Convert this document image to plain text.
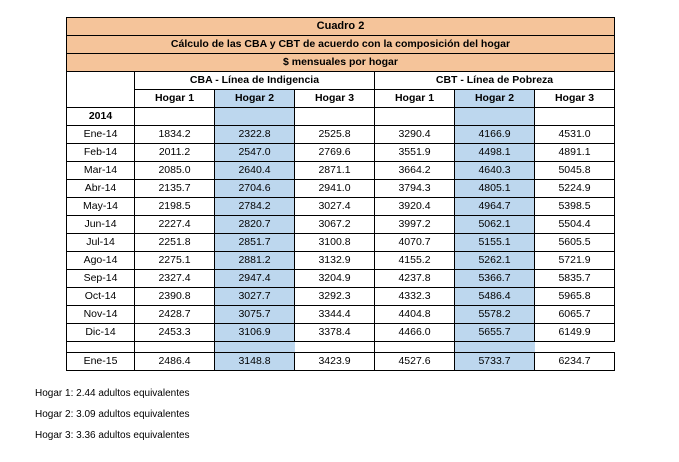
Cuadro 2						
Cálculo de las CBA y CBT de acuerdo con la composición del hogar						
$ mensuales por hogar						
	CBA - Línea de Indigencia			CBT - Línea de Pobreza		
	Hogar 1	Hogar 2	Hogar 3	Hogar 1	Hogar 2	Hogar 3
2014						
Ene-14	1834.2	2322.8	2525.8	3290.4	4166.9	4531.0
Feb-14	2011.2	2547.0	2769.6	3551.9	4498.1	4891.1
Mar-14	2085.0	2640.4	2871.1	3664.2	4640.3	5045.8
Abr-14	2135.7	2704.6	2941.0	3794.3	4805.1	5224.9
May-14	2198.5	2784.2	3027.4	3920.4	4964.7	5398.5
Jun-14	2227.4	2820.7	3067.2	3997.2	5062.1	5504.4
Jul-14	2251.8	2851.7	3100.8	4070.7	5155.1	5605.5
Ago-14	2275.1	2881.2	3132.9	4155.2	5262.1	5721.9
Sep-14	2327.4	2947.4	3204.9	4237.8	5366.7	5835.7
Oct-14	2390.8	3027.7	3292.3	4332.3	5486.4	5965.8
Nov-14	2428.7	3075.7	3344.4	4404.8	5578.2	6065.7
Dic-14	2453.3	3106.9	3378.4	4466.0	5655.7	6149.9

Ene-15	2486.4	3148.8	3423.9	4527.6	5733.7	6234.7
Hogar 1: 2.44 adultos equivalentes
Hogar 2: 3.09 adultos equivalentes
Hogar 3: 3.36 adultos equivalentes
